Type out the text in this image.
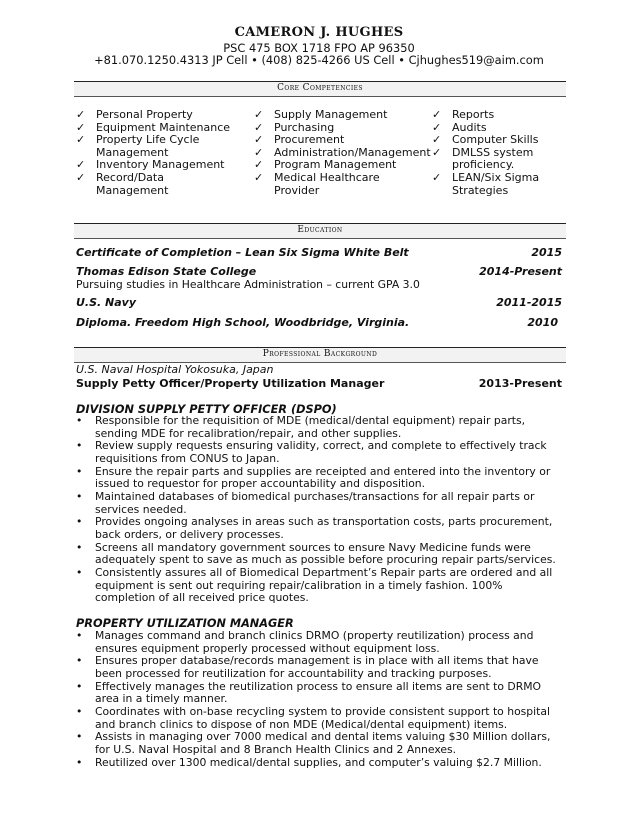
CAMERON J. HUGHES
PSC 475 BOX 1718 FPO AP 96350
+81.070.1250.4313 JP Cell • (408) 825-4266 US Cell • Cjhughes519@aim.com
Core Competencies
✓ Personal Property
✓ Equipment Maintenance
✓ Property Life Cycle Management
✓ Inventory Management
✓ Record/Data Management
✓ Supply Management
✓ Purchasing
✓ Procurement
✓ Administration/Management
✓ Program Management
✓ Medical Healthcare Provider
✓ Reports
✓ Audits
✓ Computer Skills
✓ DMLSS system proficiency.
✓ LEAN/Six Sigma Strategies
Education
Certificate of Completion – Lean Six Sigma White Belt	2015
Thomas Edison State College	2014-Present
Pursuing studies in Healthcare Administration – current GPA 3.0
U.S. Navy	2011-2015
Diploma. Freedom High School, Woodbridge, Virginia.	2010
Professional Background
U.S. Naval Hospital Yokosuka, Japan
Supply Petty Officer/Property Utilization Manager	2013-Present
DIVISION SUPPLY PETTY OFFICER (DSPO)
• Responsible for the requisition of MDE (medical/dental equipment) repair parts, sending MDE for recalibration/repair, and other supplies.
• Review supply requests ensuring validity, correct, and complete to effectively track requisitions from CONUS to Japan.
• Ensure the repair parts and supplies are receipted and entered into the inventory or issued to requestor for proper accountability and disposition.
• Maintained databases of biomedical purchases/transactions for all repair parts or services needed.
• Provides ongoing analyses in areas such as transportation costs, parts procurement, back orders, or delivery processes.
• Screens all mandatory government sources to ensure Navy Medicine funds were adequately spent to save as much as possible before procuring repair parts/services.
• Consistently assures all of Biomedical Department’s Repair parts are ordered and all equipment is sent out requiring repair/calibration in a timely fashion. 100% completion of all received price quotes.
PROPERTY UTILIZATION MANAGER
• Manages command and branch clinics DRMO (property reutilization) process and ensures equipment properly processed without equipment loss.
• Ensures proper database/records management is in place with all items that have been processed for reutilization for accountability and tracking purposes.
• Effectively manages the reutilization process to ensure all items are sent to DRMO area in a timely manner.
• Coordinates with on-base recycling system to provide consistent support to hospital and branch clinics to dispose of non MDE (Medical/dental equipment) items.
• Assists in managing over 7000 medical and dental items valuing $30 Million dollars, for U.S. Naval Hospital and 8 Branch Health Clinics and 2 Annexes.
• Reutilized over 1300 medical/dental supplies, and computer’s valuing $2.7 Million.
